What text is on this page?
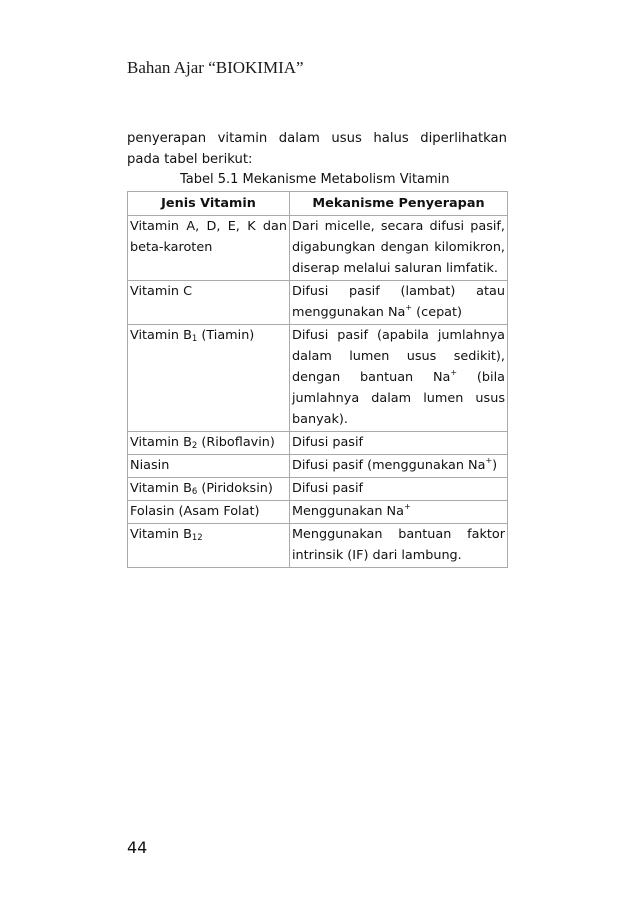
Bahan Ajar “BIOKIMIA”

penyerapan vitamin dalam usus halus diperlihatkan pada tabel berikut:

Tabel 5.1 Mekanisme Metabolism Vitamin
Jenis Vitamin	Mekanisme Penyerapan
Vitamin A, D, E, K dan beta-karoten	Dari micelle, secara difusi pasif, digabungkan dengan kilomikron, diserap melalui saluran limfatik.
Vitamin C	Difusi pasif (lambat) atau menggunakan Na+ (cepat)
Vitamin $B_1$ (Tiamin)	Difusi pasif (apabila jumlahnya dalam lumen usus sedikit), dengan bantuan Na+ (bila jumlahnya dalam lumen usus banyak).
Vitamin $B_2$ (Riboflavin)	Difusi pasif
Niasin	Difusi pasif (menggunakan Na+)
Vitamin $B_6$ (Piridoksin)	Difusi pasif
Folasin (Asam Folat)	Menggunakan Na+
Vitamin $B_{12}$	Menggunakan bantuan faktor intrinsik (IF) dari lambung.
44
